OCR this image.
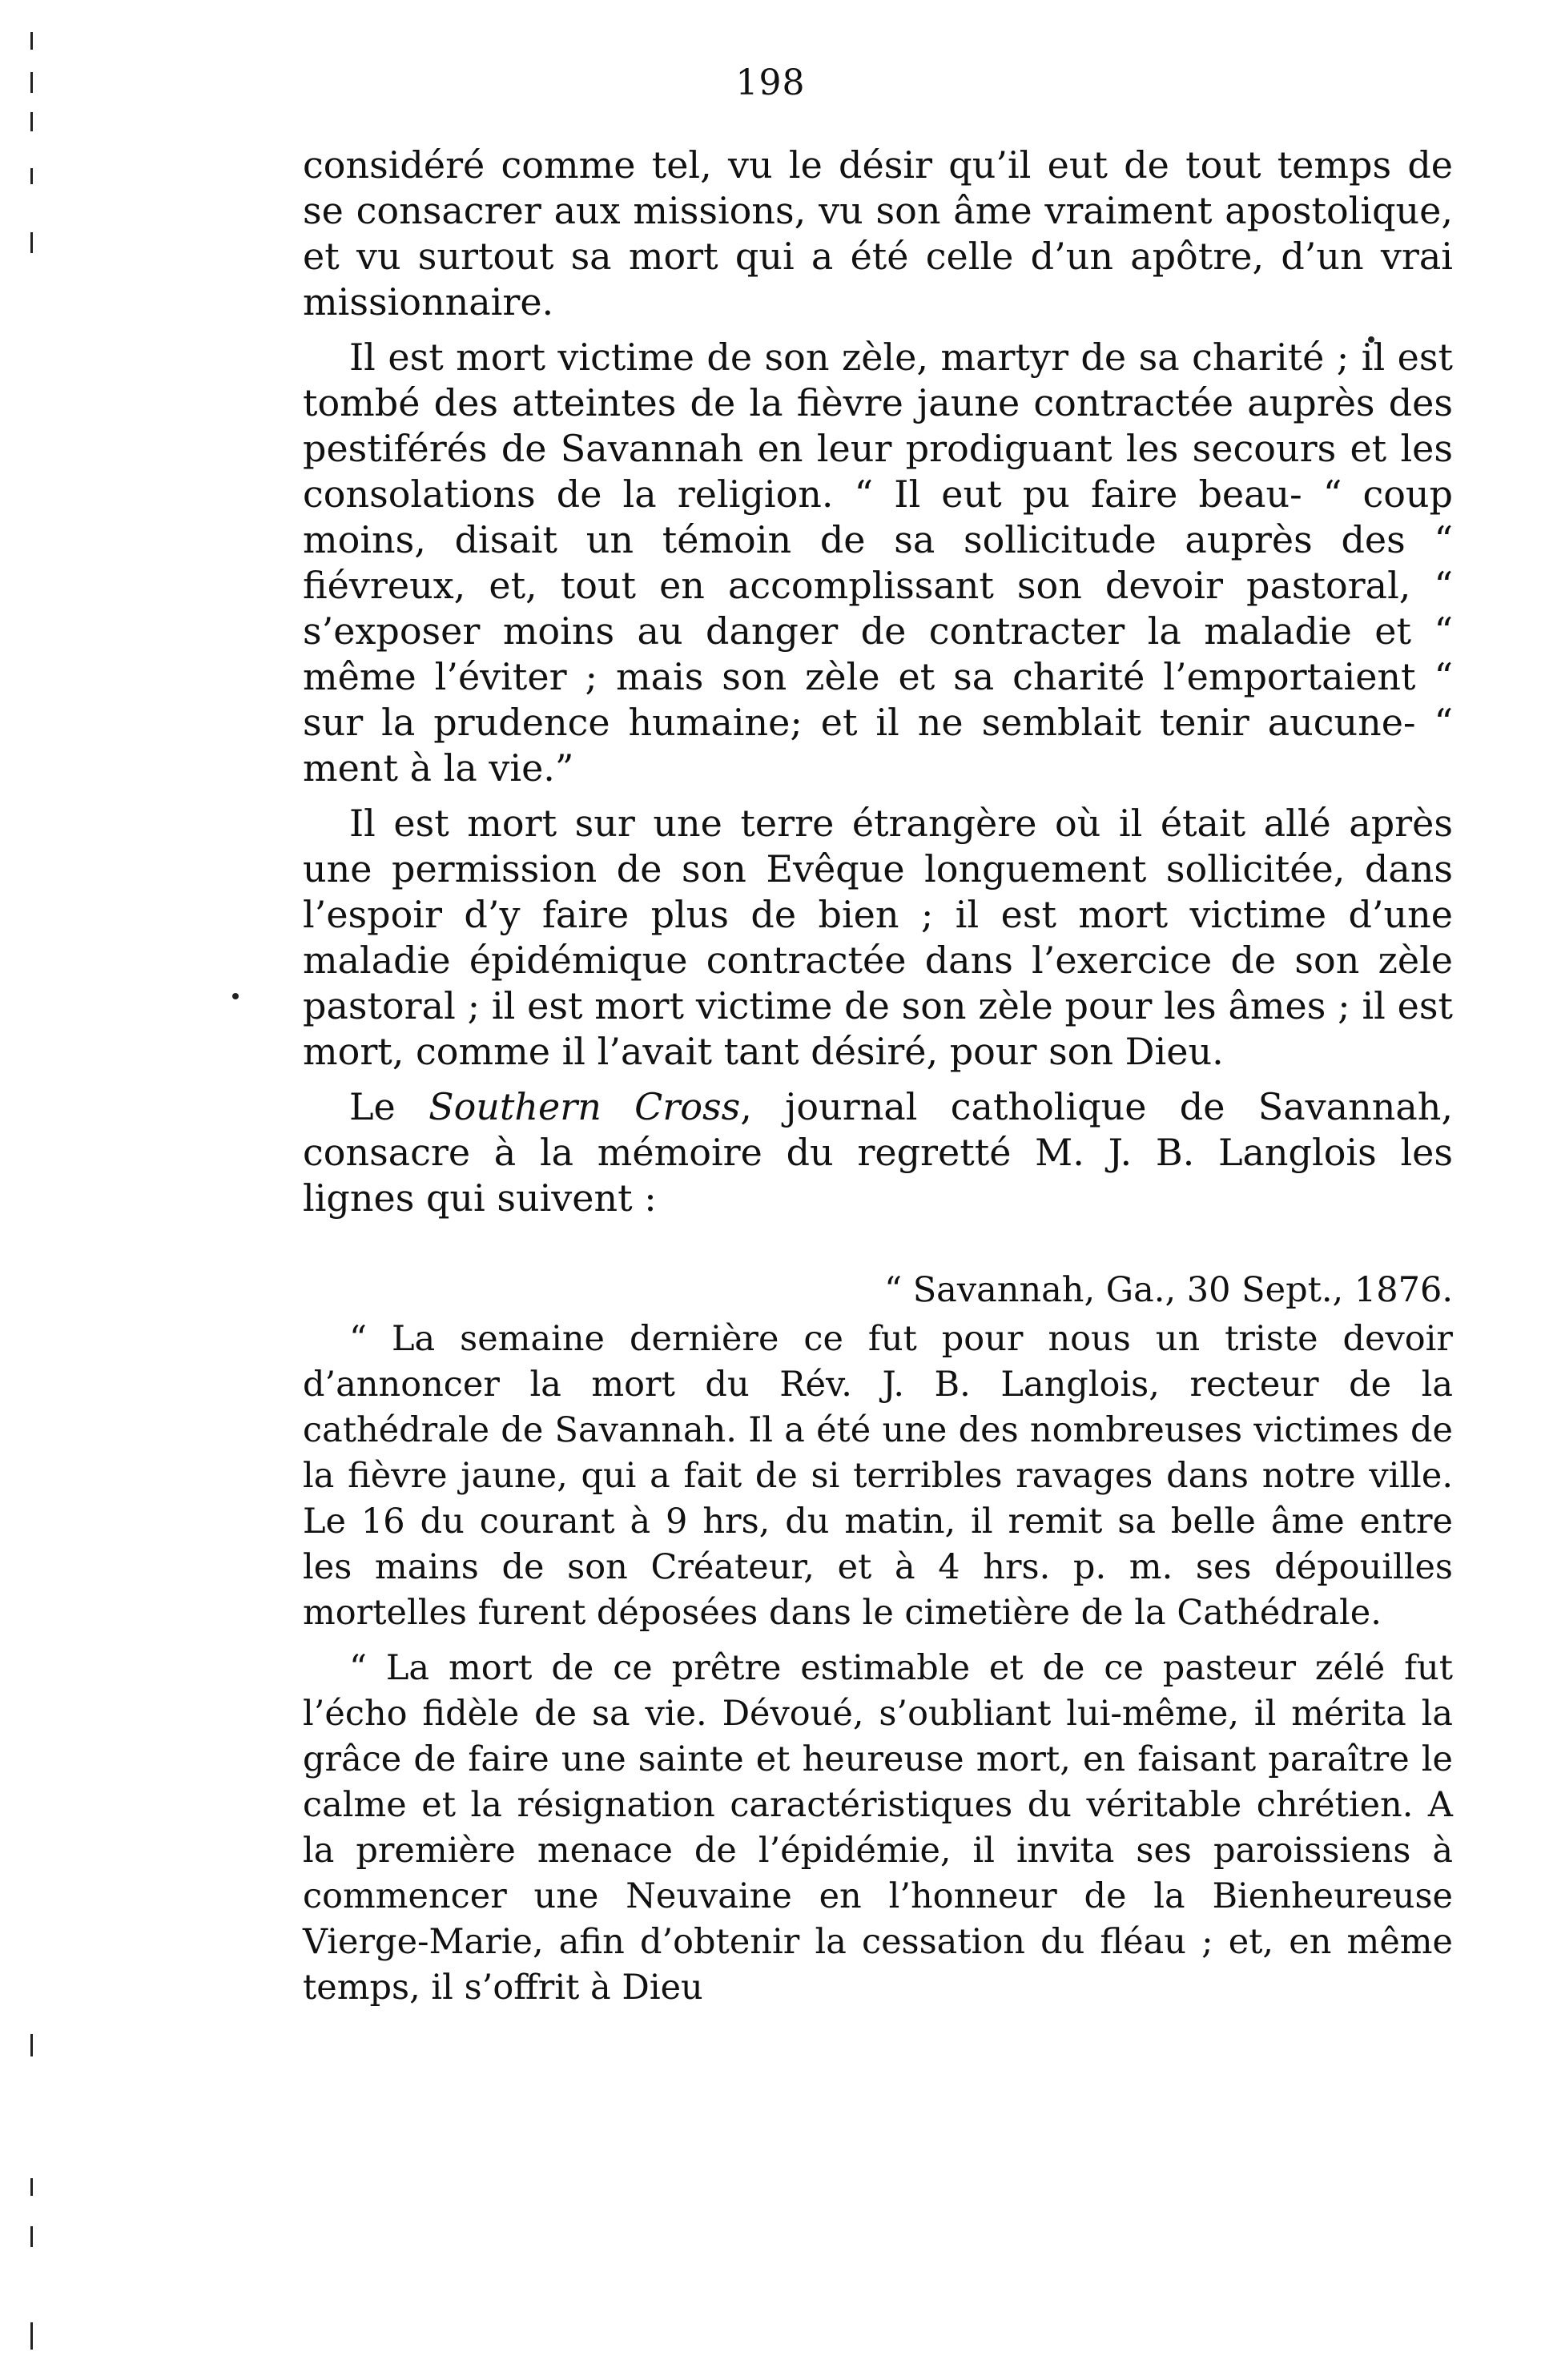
198

considéré comme tel, vu le désir qu’il eut de tout temps de se consacrer aux missions, vu son âme vraiment apostolique, et vu surtout sa mort qui a été celle d’un apôtre, d’un vrai missionnaire.

Il est mort victime de son zèle, martyr de sa charité ; il est tombé des atteintes de la fièvre jaune contractée auprès des pestiférés de Savannah en leur prodiguant les secours et les consolations de la religion. “ Il eut pu faire beau- “ coup moins, disait un témoin de sa sollicitude auprès des “ fiévreux, et, tout en accomplissant son devoir pastoral, “ s’exposer moins au danger de contracter la maladie et “ même l’éviter ; mais son zèle et sa charité l’emportaient “ sur la prudence humaine; et il ne semblait tenir aucune- “ ment à la vie.”

Il est mort sur une terre étrangère où il était allé après une permission de son Evêque longuement sollicitée, dans l’espoir d’y faire plus de bien ; il est mort victime d’une maladie épidémique contractée dans l’exercice de son zèle pastoral ; il est mort victime de son zèle pour les âmes ; il est mort, comme il l’avait tant désiré, pour son Dieu.

Le Southern Cross, journal catholique de Savannah, consacre à la mémoire du regretté M. J. B. Langlois les lignes qui suivent :

“ Savannah, Ga., 30 Sept., 1876.

“ La semaine dernière ce fut pour nous un triste devoir d’annoncer la mort du Rév. J. B. Langlois, recteur de la cathédrale de Savannah. Il a été une des nombreuses victimes de la fièvre jaune, qui a fait de si terribles ravages dans notre ville. Le 16 du courant à 9 hrs, du matin, il remit sa belle âme entre les mains de son Créateur, et à 4 hrs. p. m. ses dépouilles mortelles furent déposées dans le cimetière de la Cathédrale.

“ La mort de ce prêtre estimable et de ce pasteur zélé fut l’écho fidèle de sa vie. Dévoué, s’oubliant lui-même, il mérita la grâce de faire une sainte et heureuse mort, en faisant paraître le calme et la résignation caractéristiques du véritable chrétien. A la première menace de l’épidémie, il invita ses paroissiens à commencer une Neuvaine en l’honneur de la Bienheureuse Vierge-Marie, afin d’obtenir la cessation du fléau ; et, en même temps, il s’offrit à Dieu
